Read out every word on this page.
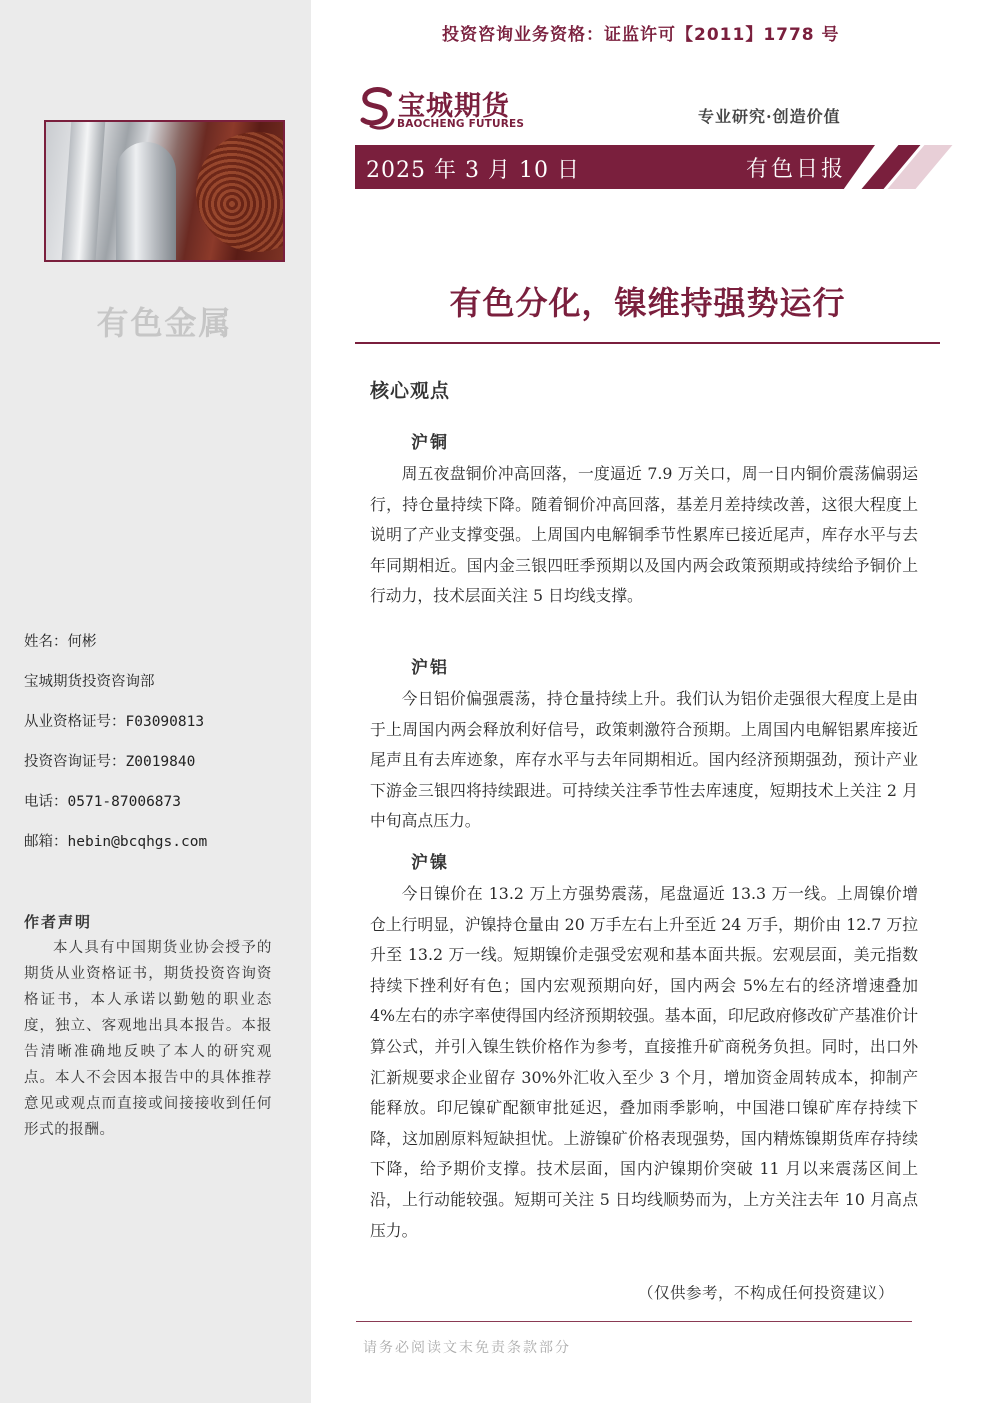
有色金属
姓名：何彬
宝城期货投资咨询部
从业资格证号：F03090813
投资咨询证号：Z0019840
电话：0571-87006873
邮箱：hebin@bcqhgs.com
作者声明
本人具有中国期货业协会授予的期货从业资格证书，期货投资咨询资格证书，本人承诺以勤勉的职业态度，独立、客观地出具本报告。本报告清晰准确地反映了本人的研究观点。本人不会因本报告中的具体推荐意见或观点而直接或间接接收到任何形式的报酬。
投资咨询业务资格：证监许可【2011】1778 号
宝城期货
BAOCHENG FUTURES	专业研究·创造价值
2025 年 3 月 10 日	有色日报
有色分化，镍维持强势运行
核心观点
沪铜
周五夜盘铜价冲高回落，一度逼近 7.9 万关口，周一日内铜价震荡偏弱运行，持仓量持续下降。随着铜价冲高回落，基差月差持续改善，这很大程度上说明了产业支撑变强。上周国内电解铜季节性累库已接近尾声，库存水平与去年同期相近。国内金三银四旺季预期以及国内两会政策预期或持续给予铜价上行动力，技术层面关注 5 日均线支撑。
沪铝
今日铝价偏强震荡，持仓量持续上升。我们认为铝价走强很大程度上是由于上周国内两会释放利好信号，政策刺激符合预期。上周国内电解铝累库接近尾声且有去库迹象，库存水平与去年同期相近。国内经济预期强劲，预计产业下游金三银四将持续跟进。可持续关注季节性去库速度，短期技术上关注 2 月中旬高点压力。
沪镍
今日镍价在 13.2 万上方强势震荡，尾盘逼近 13.3 万一线。上周镍价增仓上行明显，沪镍持仓量由 20 万手左右上升至近 24 万手，期价由 12.7 万拉升至 13.2 万一线。短期镍价走强受宏观和基本面共振。宏观层面，美元指数持续下挫利好有色；国内宏观预期向好，国内两会 5%左右的经济增速叠加 4%左右的赤字率使得国内经济预期较强。基本面，印尼政府修改矿产基准价计算公式，并引入镍生铁价格作为参考，直接推升矿商税务负担。同时，出口外汇新规要求企业留存 30%外汇收入至少 3 个月，增加资金周转成本，抑制产能释放。印尼镍矿配额审批延迟，叠加雨季影响，中国港口镍矿库存持续下降，这加剧原料短缺担忧。上游镍矿价格表现强势，国内精炼镍期货库存持续下降，给予期价支撑。技术层面，国内沪镍期价突破 11 月以来震荡区间上沿，上行动能较强。短期可关注 5 日均线顺势而为，上方关注去年 10 月高点压力。
（仅供参考，不构成任何投资建议）
请务必阅读文末免责条款部分
